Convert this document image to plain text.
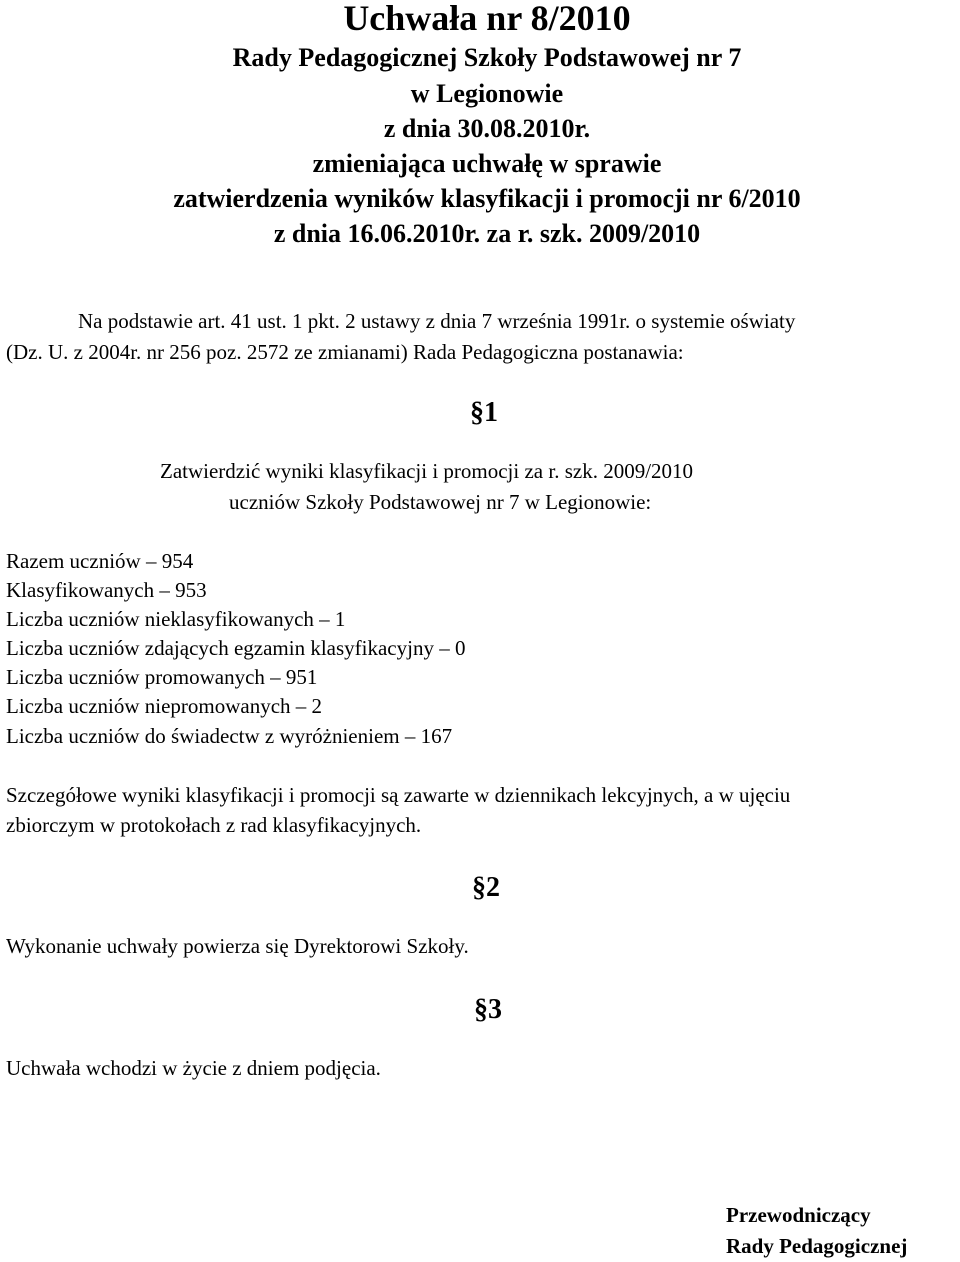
Uchwała nr 8/2010
Rady Pedagogicznej Szkoły Podstawowej nr 7
w Legionowie
z dnia 30.08.2010r.
zmieniająca uchwałę w sprawie
zatwierdzenia wyników klasyfikacji i promocji nr 6/2010
z dnia 16.06.2010r. za r. szk. 2009/2010
Na podstawie art. 41 ust. 1 pkt. 2 ustawy z dnia 7 września 1991r. o systemie oświaty
(Dz. U. z 2004r. nr 256 poz. 2572 ze zmianami) Rada Pedagogiczna postanawia:
§1
Zatwierdzić wyniki klasyfikacji i promocji za r. szk. 2009/2010
uczniów Szkoły Podstawowej nr 7 w Legionowie:
Razem uczniów – 954
Klasyfikowanych – 953
Liczba uczniów nieklasyfikowanych – 1
Liczba uczniów zdających egzamin klasyfikacyjny – 0
Liczba uczniów promowanych – 951
Liczba uczniów niepromowanych – 2
Liczba uczniów do świadectw z wyróżnieniem – 167
Szczegółowe wyniki klasyfikacji i promocji są zawarte w dziennikach lekcyjnych, a w ujęciu
zbiorczym w protokołach z rad klasyfikacyjnych.
§2
Wykonanie uchwały powierza się Dyrektorowi Szkoły.
§3
Uchwała wchodzi w życie z dniem podjęcia.
Przewodniczący
Rady Pedagogicznej
